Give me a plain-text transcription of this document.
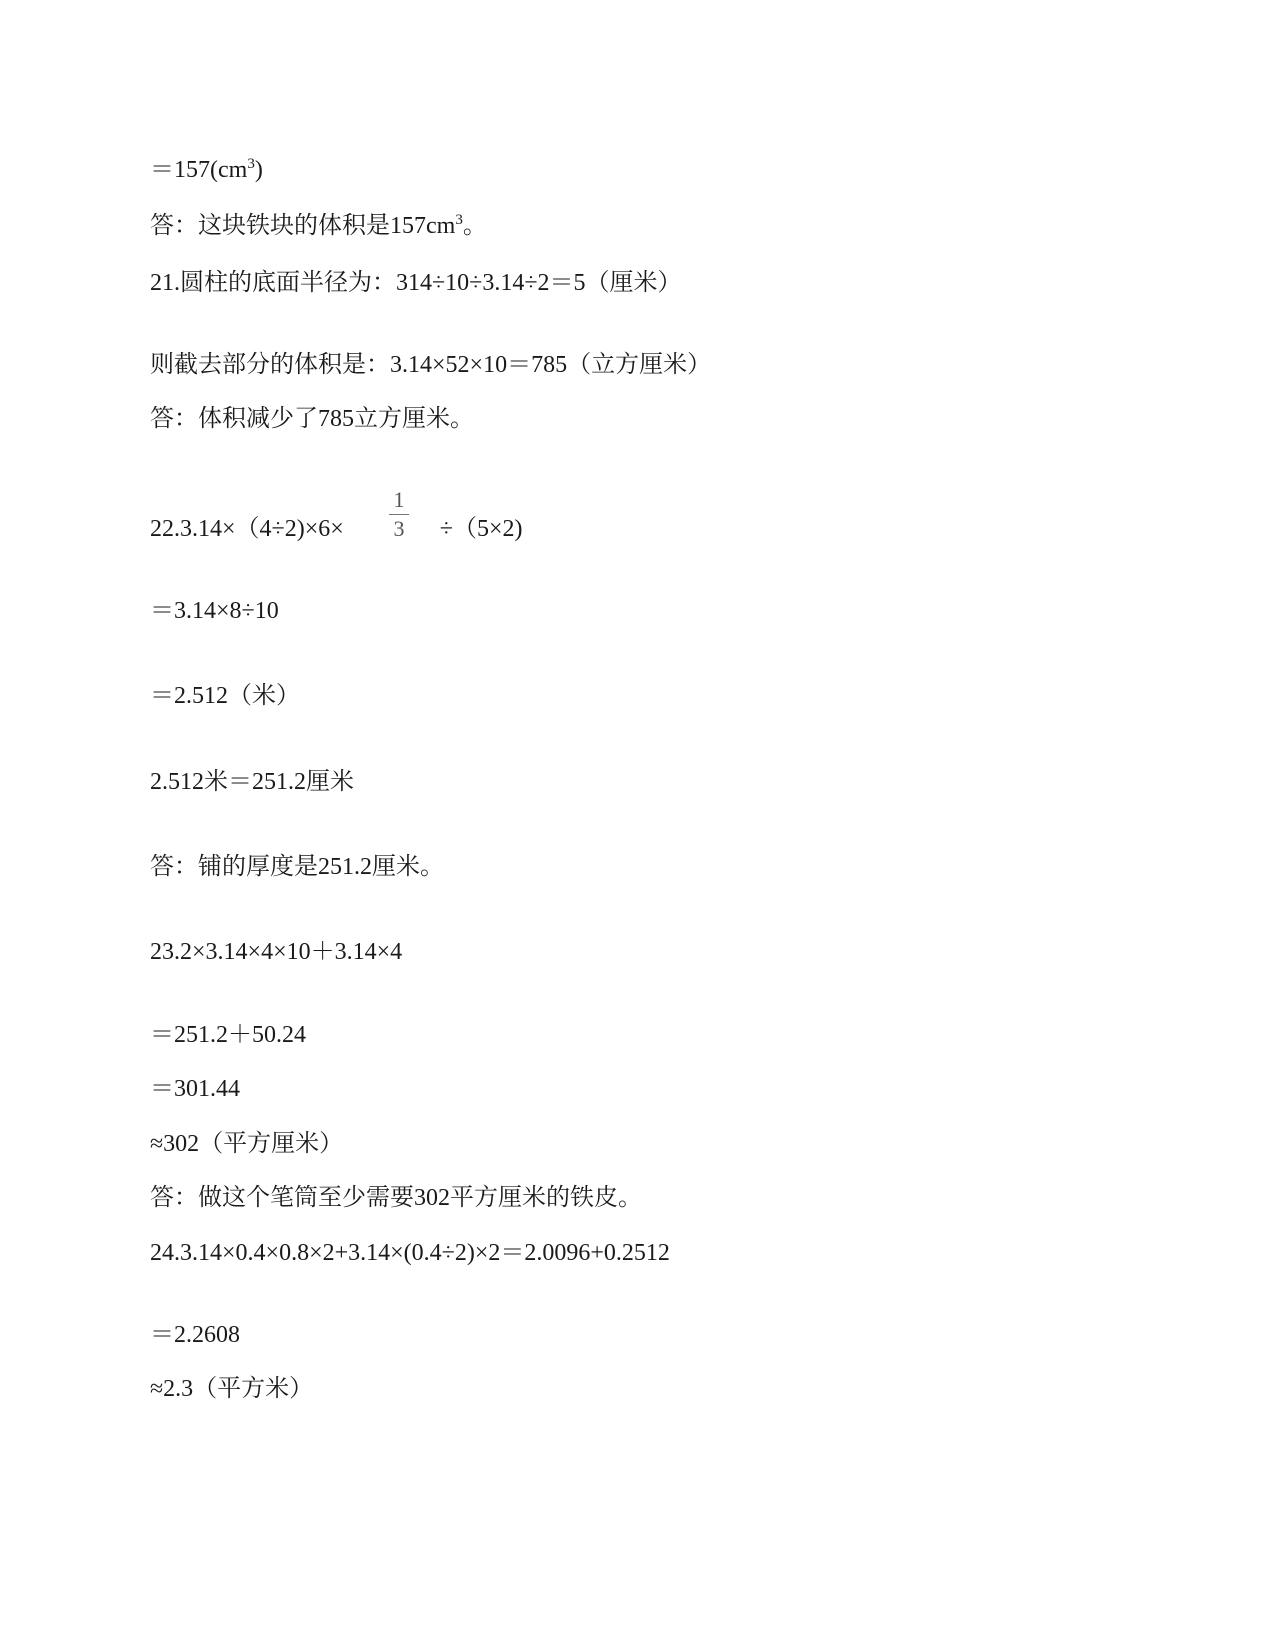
$=157(cm^3)$
答：这块铁块的体积是$157cm^3$。
21.圆柱的底面半径为：314÷10÷3.14÷2＝5（厘米）
则截去部分的体积是：3.14×52×10＝785（立方厘米）
答：体积减少了785立方厘米。
22.3.14×（4÷2)×6×	÷（5×2)
1
3
＝3.14×8÷10
＝2.512（米）
2.512米＝251.2厘米
答：铺的厚度是251.2厘米。
23.2×3.14×4×10＋3.14×4
＝251.2＋50.24
＝301.44
≈302（平方厘米）
答：做这个笔筒至少需要302平方厘米的铁皮。
24.3.14×0.4×0.8×2+3.14×(0.4÷2)×2＝2.0096+0.2512
＝2.2608
≈2.3（平方米）
